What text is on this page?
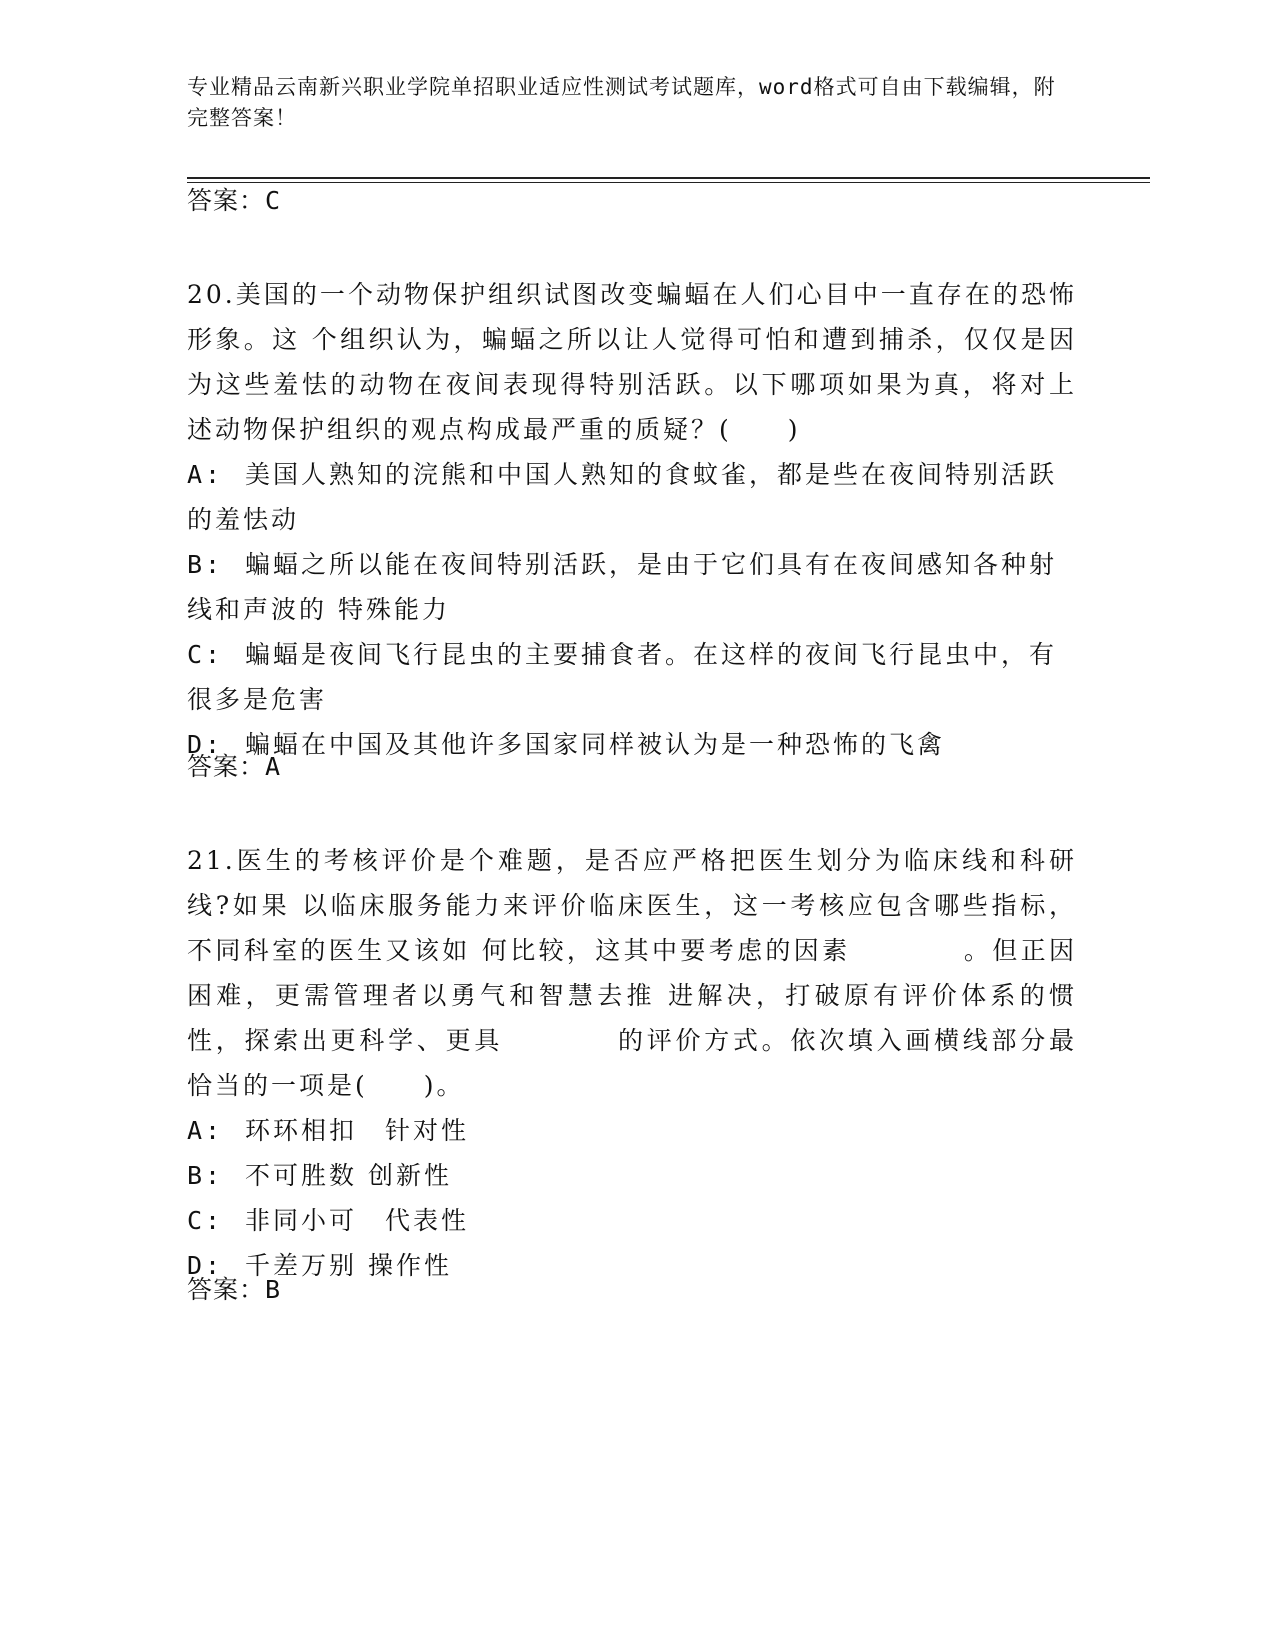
专业精品云南新兴职业学院单招职业适应性测试考试题库，word格式可自由下载编辑，附完整答案！
答案：C
20.美国的一个动物保护组织试图改变蝙蝠在人们心目中一直存在的恐怖形象。这 个组织认为，蝙蝠之所以让人觉得可怕和遭到捕杀，仅仅是因为这些羞怯的动物在夜间表现得特别活跃。以下哪项如果为真，将对上述动物保护组织的观点构成最严重的质疑？(　　)
A: 美国人熟知的浣熊和中国人熟知的食蚊雀，都是些在夜间特别活跃的羞怯动
B: 蝙蝠之所以能在夜间特别活跃，是由于它们具有在夜间感知各种射线和声波的 特殊能力
C: 蝙蝠是夜间飞行昆虫的主要捕食者。在这样的夜间飞行昆虫中，有很多是危害
D: 蝙蝠在中国及其他许多国家同样被认为是一种恐怖的飞禽
答案：A
21.医生的考核评价是个难题，是否应严格把医生划分为临床线和科研线?如果 以临床服务能力来评价临床医生，这一考核应包含哪些指标，不同科室的医生又该如 何比较，这其中要考虑的因素　　　　。但正因困难，更需管理者以勇气和智慧去推 进解决，打破原有评价体系的惯性，探索出更科学、更具　　　　的评价方式。依次填入画横线部分最恰当的一项是(　　)。
A: 环环相扣　针对性
B: 不可胜数 创新性
C: 非同小可　代表性
D: 千差万别 操作性
答案：B
